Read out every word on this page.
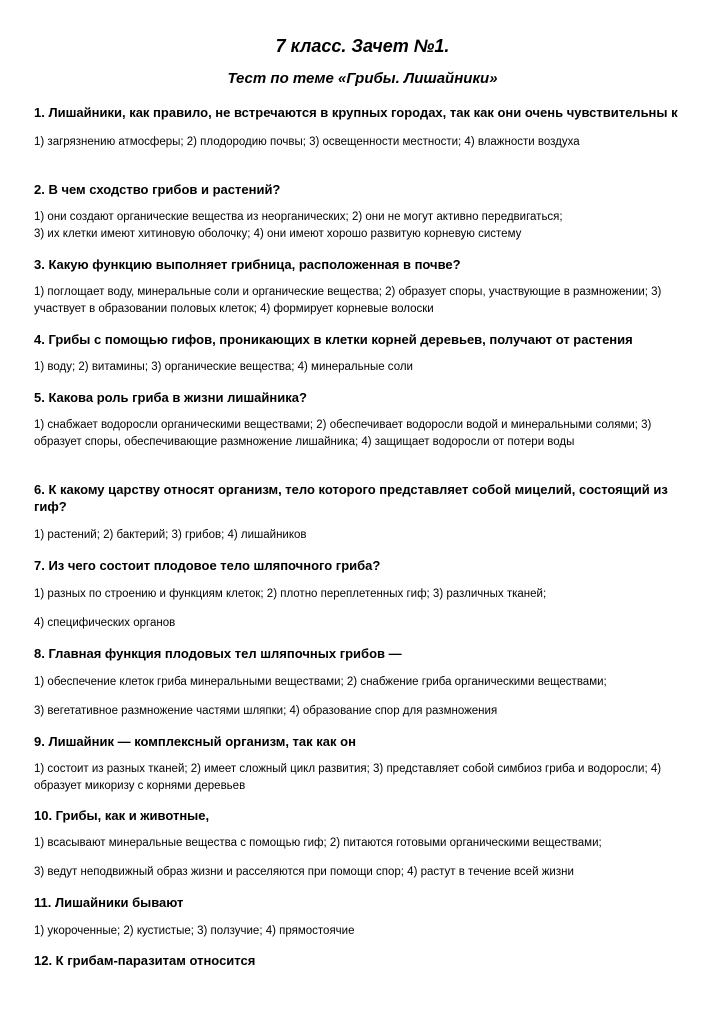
7 класс. Зачет №1.
Тест по теме «Грибы. Лишайники»
1. Лишайники, как правило, не встречаются в крупных городах, так как они очень чувствительны к
1) загрязнению атмосферы; 2) плодородию почвы; 3) освещенности местности; 4) влажности воздуха
2. В чем сходство грибов и растений?
1) они создают органические вещества из неорганических; 2) они не могут активно передвигаться;
3) их клетки имеют хитиновую оболочку; 4) они имеют хорошо развитую корневую систему
3. Какую функцию выполняет грибница, расположенная в почве?
1) поглощает воду, минеральные соли и органические вещества; 2) образует споры, участвующие в размножении; 3) участвует в образовании половых клеток; 4) формирует корневые волоски
4. Грибы с помощью гифов, проникающих в клетки корней деревьев, получают от растения
1) воду; 2) витамины; 3) органические вещества; 4) минеральные соли
5. Какова роль гриба в жизни лишайника?
1) снабжает водоросли органическими веществами; 2) обеспечивает водоросли водой и минеральными солями; 3) образует споры, обеспечивающие размножение лишайника; 4) защищает водоросли от потери воды
6. К какому царству относят организм, тело которого представляет собой мицелий, состоящий из гиф?
1) растений; 2) бактерий; 3) грибов; 4) лишайников
7. Из чего состоит плодовое тело шляпочного гриба?
1) разных по строению и функциям клеток; 2) плотно переплетенных гиф; 3) различных тканей;
4) специфических органов
8. Главная функция плодовых тел шляпочных грибов —
1) обеспечение клеток гриба минеральными веществами; 2) снабжение гриба органическими веществами;
3) вегетативное размножение частями шляпки; 4) образование спор для размножения
9. Лишайник — комплексный организм, так как он
1) состоит из разных тканей; 2) имеет сложный цикл развития; 3) представляет собой симбиоз гриба и водоросли; 4) образует микоризу с корнями деревьев
10. Грибы, как и животные,
1) всасывают минеральные вещества с помощью гиф; 2) питаются готовыми органическими веществами;
3) ведут неподвижный образ жизни и расселяются при помощи спор; 4) растут в течение всей жизни
11. Лишайники бывают
1) укороченные; 2) кустистые; 3) ползучие; 4) прямостоячие
12. К грибам-паразитам относится
